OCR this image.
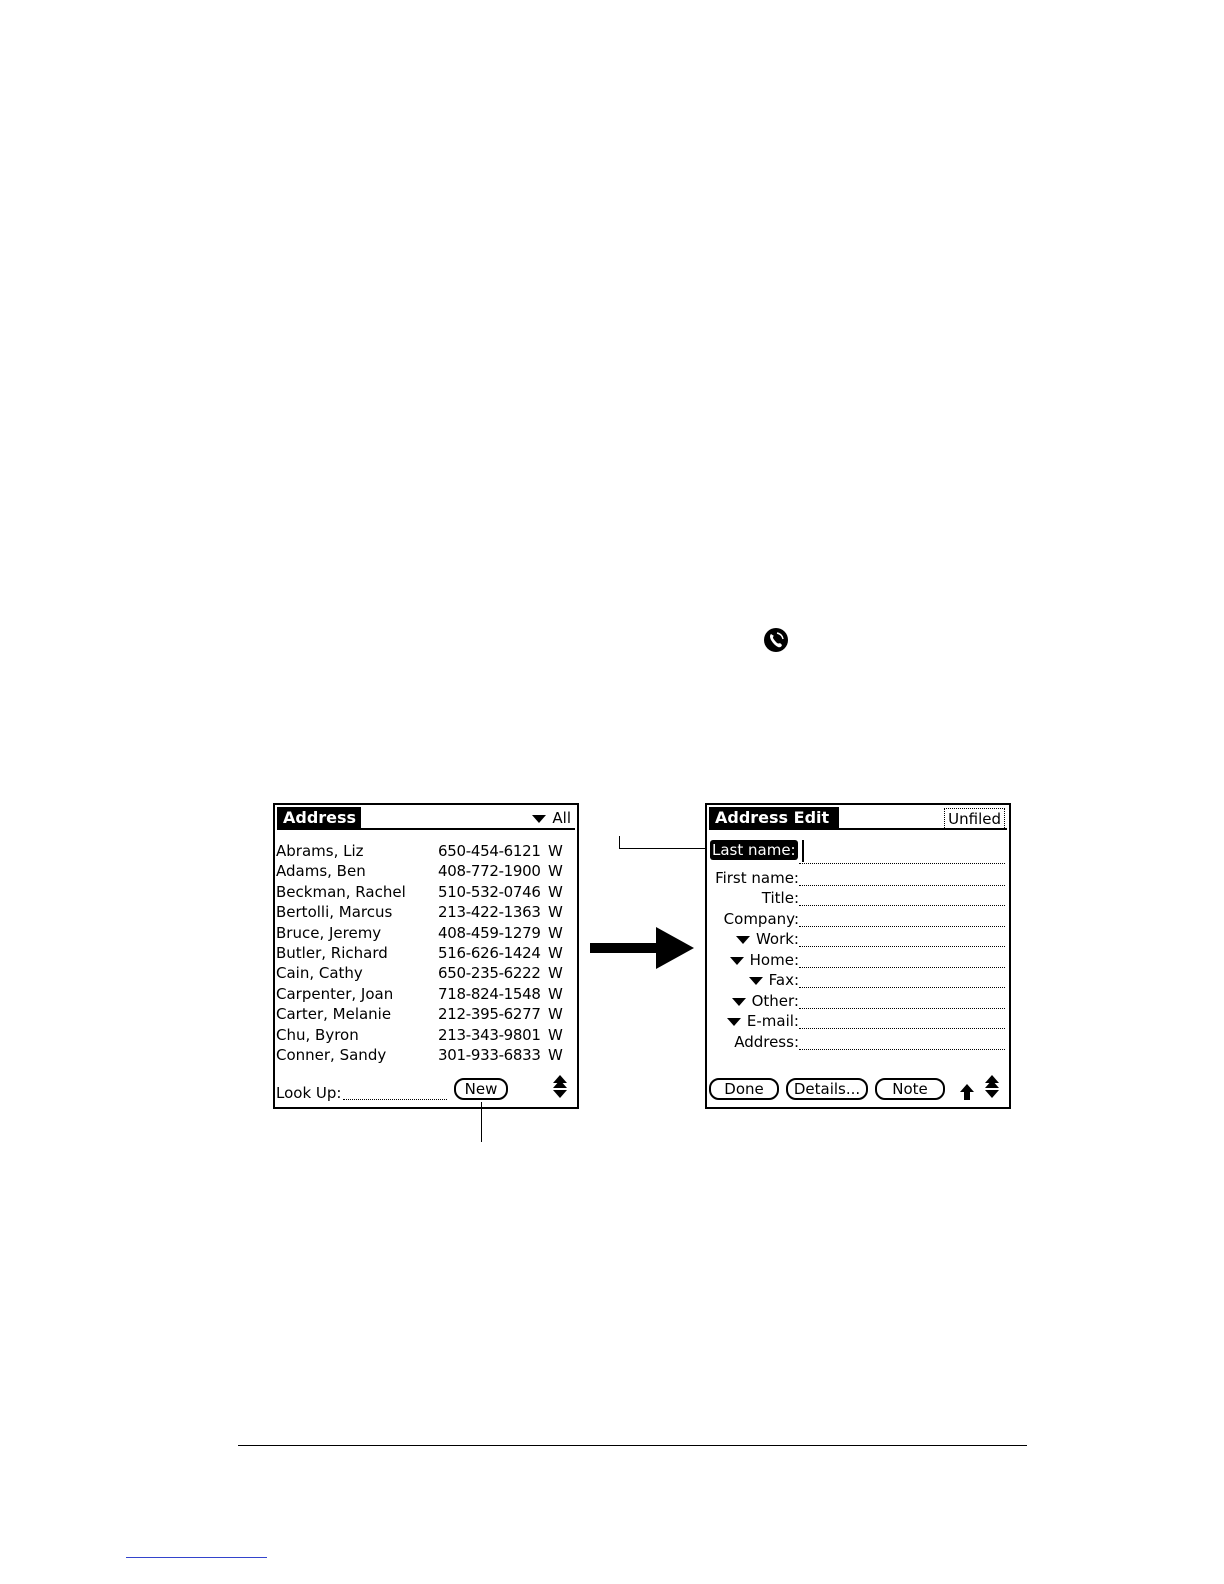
Address	All
Abrams, Liz	650-454-6121 W
Adams, Ben	408-772-1900 W
Beckman, Rachel 510-532-0746 W
Bertolli, Marcus	213-422-1363 W
Bruce, Jeremy	408-459-1279 W
Butler, Richard	516-626-1424 W
Cain, Cathy	650-235-6222 W
Carpenter, Joan	718-824-1548 W
Carter, Melanie	212-395-6277 W
Chu, Byron	213-343-9801 W
Conner, Sandy	301-933-6833 W
Look Up:	New
Address Edit	Unfiled
Last name:
First name:
Title:
Company:
Work:
Home:
Fax:
Other:
E-mail:
Address:
Done	Details...	Note
